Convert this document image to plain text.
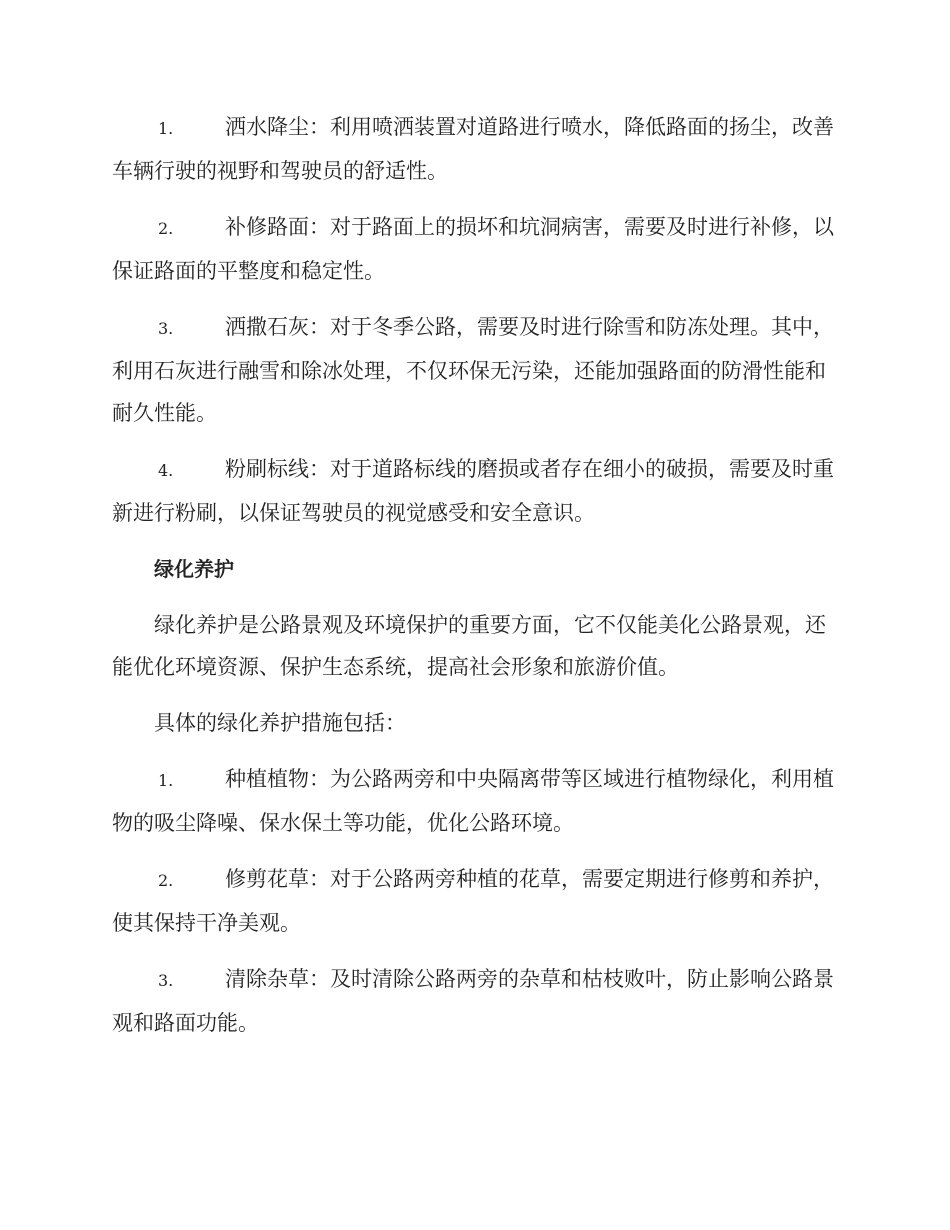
1. 洒水降尘：利用喷洒装置对道路进行喷水，降低路面的扬尘，改善车辆行驶的视野和驾驶员的舒适性。

2. 补修路面：对于路面上的损坏和坑洞病害，需要及时进行补修，以保证路面的平整度和稳定性。

3. 洒撒石灰：对于冬季公路，需要及时进行除雪和防冻处理。其中，利用石灰进行融雪和除冰处理，不仅环保无污染，还能加强路面的防滑性能和耐久性能。

4. 粉刷标线：对于道路标线的磨损或者存在细小的破损，需要及时重新进行粉刷，以保证驾驶员的视觉感受和安全意识。

绿化养护

绿化养护是公路景观及环境保护的重要方面，它不仅能美化公路景观，还能优化环境资源、保护生态系统，提高社会形象和旅游价值。

具体的绿化养护措施包括：

1. 种植植物：为公路两旁和中央隔离带等区域进行植物绿化，利用植物的吸尘降噪、保水保土等功能，优化公路环境。

2. 修剪花草：对于公路两旁种植的花草，需要定期进行修剪和养护，使其保持干净美观。

3. 清除杂草：及时清除公路两旁的杂草和枯枝败叶，防止影响公路景观和路面功能。
